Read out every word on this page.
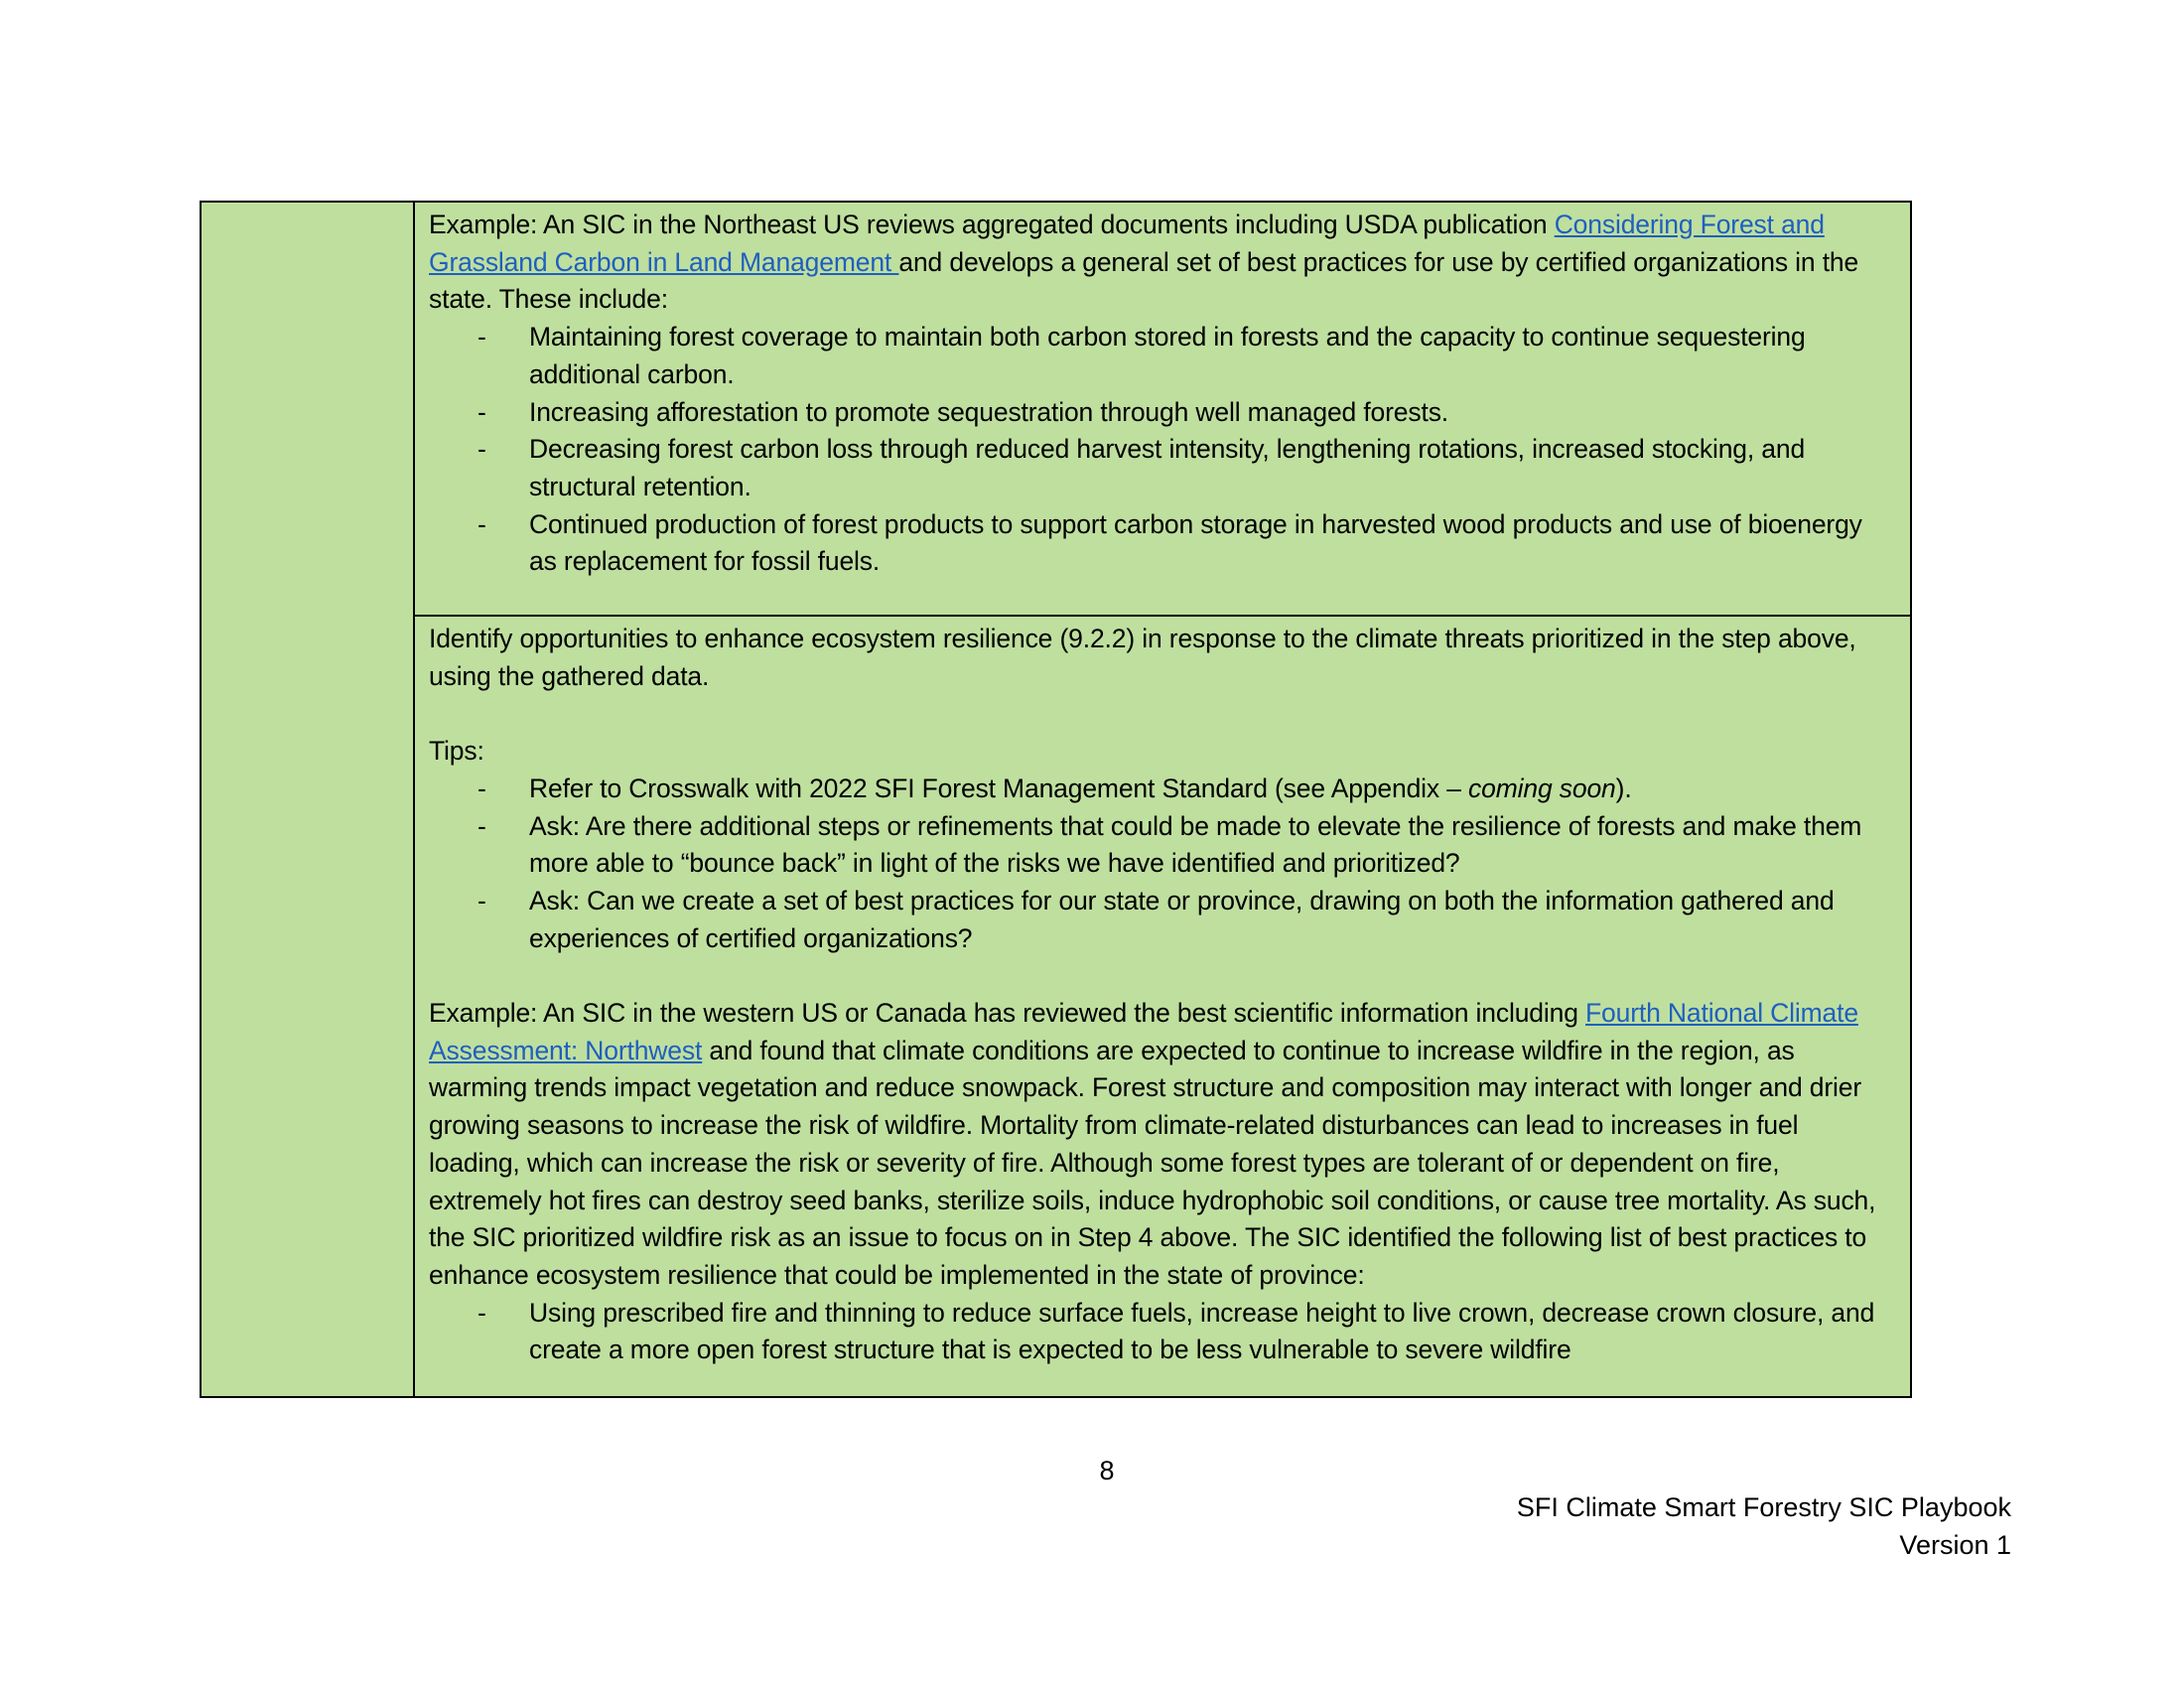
Example: An SIC in the Northeast US reviews aggregated documents including USDA publication Considering Forest and Grassland Carbon in Land Management and develops a general set of best practices for use by certified organizations in the state. These include:

- Maintaining forest coverage to maintain both carbon stored in forests and the capacity to continue sequestering additional carbon.
- Increasing afforestation to promote sequestration through well managed forests.
- Decreasing forest carbon loss through reduced harvest intensity, lengthening rotations, increased stocking, and structural retention.
- Continued production of forest products to support carbon storage in harvested wood products and use of bioenergy as replacement for fossil fuels.

Identify opportunities to enhance ecosystem resilience (9.2.2) in response to the climate threats prioritized in the step above, using the gathered data.

Tips:

- Refer to Crosswalk with 2022 SFI Forest Management Standard (see Appendix – coming soon).
- Ask: Are there additional steps or refinements that could be made to elevate the resilience of forests and make them more able to “bounce back” in light of the risks we have identified and prioritized?
- Ask: Can we create a set of best practices for our state or province, drawing on both the information gathered and experiences of certified organizations?

Example: An SIC in the western US or Canada has reviewed the best scientific information including Fourth National Climate Assessment: Northwest and found that climate conditions are expected to continue to increase wildfire in the region, as warming trends impact vegetation and reduce snowpack. Forest structure and composition may interact with longer and drier growing seasons to increase the risk of wildfire. Mortality from climate-related disturbances can lead to increases in fuel loading, which can increase the risk or severity of fire. Although some forest types are tolerant of or dependent on fire, extremely hot fires can destroy seed banks, sterilize soils, induce hydrophobic soil conditions, or cause tree mortality. As such, the SIC prioritized wildfire risk as an issue to focus on in Step 4 above. The SIC identified the following list of best practices to enhance ecosystem resilience that could be implemented in the state of province:

- Using prescribed fire and thinning to reduce surface fuels, increase height to live crown, decrease crown closure, and create a more open forest structure that is expected to be less vulnerable to severe wildfire
8
SFI Climate Smart Forestry SIC Playbook
Version 1
